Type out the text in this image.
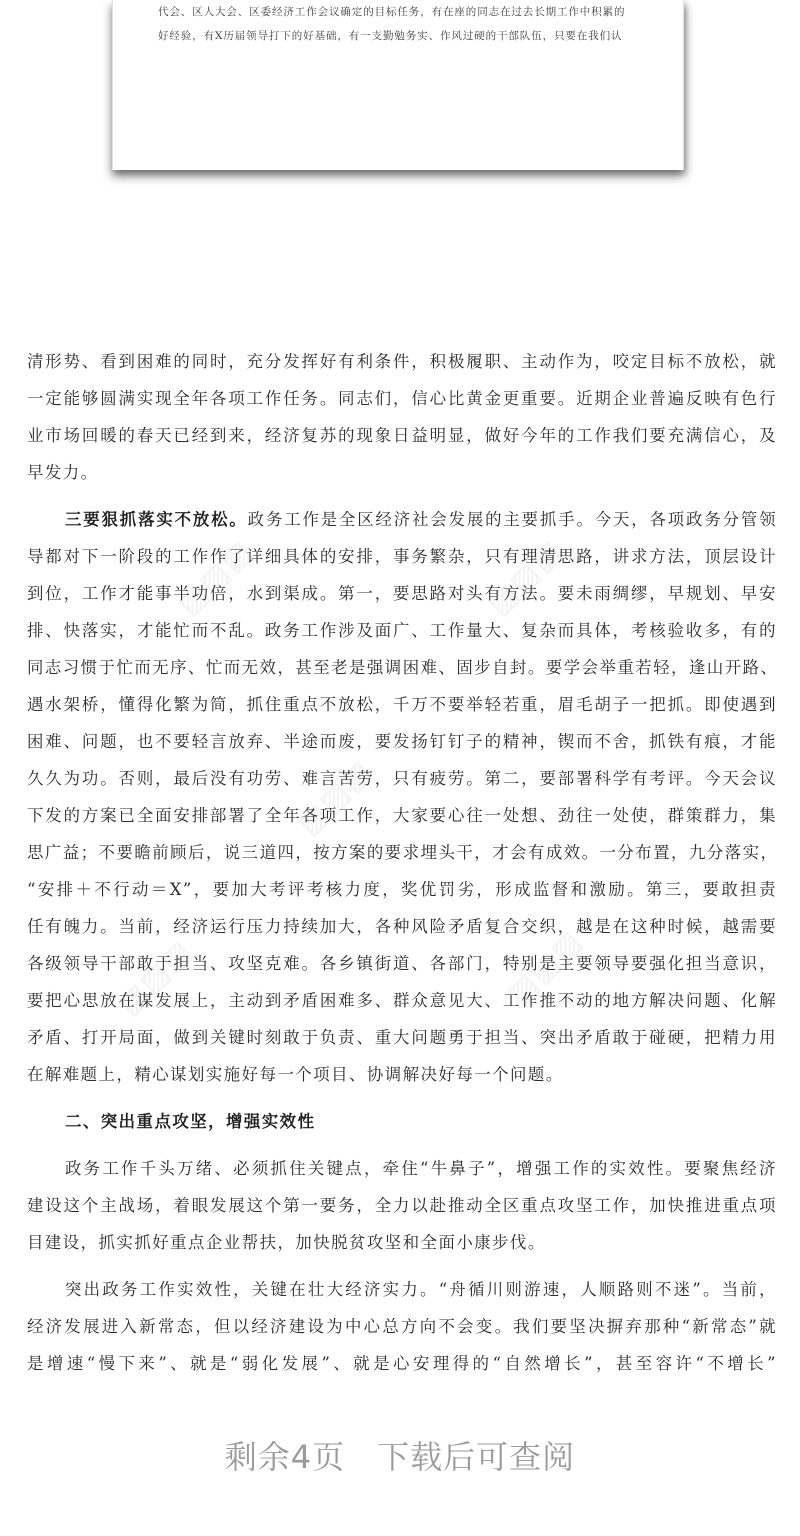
代会、区人大会、区委经济工作会议确定的目标任务，有在座的同志在过去长期工作中积累的
好经验，有X历届领导打下的好基础，有一支勤勉务实、作风过硬的干部队伍，只要在我们认
▨▨▨	▨▨▨
▨▨▨
▨▨▨	▨▨▨

清形势、看到困难的同时，充分发挥好有利条件，积极履职、主动作为，咬定目标不放松，就
一定能够圆满实现全年各项工作任务。同志们，信心比黄金更重要。近期企业普遍反映有色行
业市场回暖的春天已经到来，经济复苏的现象日益明显，做好今年的工作我们要充满信心，及
早发力。

三要狠抓落实不放松。政务工作是全区经济社会发展的主要抓手。今天，各项政务分管领
导都对下一阶段的工作作了详细具体的安排，事务繁杂，只有理清思路，讲求方法，顶层设计
到位，工作才能事半功倍，水到渠成。第一，要思路对头有方法。要未雨绸缪，早规划、早安
排、快落实，才能忙而不乱。政务工作涉及面广、工作量大、复杂而具体，考核验收多，有的
同志习惯于忙而无序、忙而无效，甚至老是强调困难、固步自封。要学会举重若轻，逢山开路、
遇水架桥，懂得化繁为简，抓住重点不放松，千万不要举轻若重，眉毛胡子一把抓。即使遇到
困难、问题，也不要轻言放弃、半途而废，要发扬钉钉子的精神，锲而不舍，抓铁有痕，才能
久久为功。否则，最后没有功劳、难言苦劳，只有疲劳。第二，要部署科学有考评。今天会议
下发的方案已全面安排部署了全年各项工作，大家要心往一处想、劲往一处使，群策群力，集
思广益；不要瞻前顾后，说三道四，按方案的要求埋头干，才会有成效。一分布置，九分落实，
“安排＋不行动＝X”，要加大考评考核力度，奖优罚劣，形成监督和激励。第三，要敢担责
任有魄力。当前，经济运行压力持续加大，各种风险矛盾复合交织，越是在这种时候，越需要
各级领导干部敢于担当、攻坚克难。各乡镇街道、各部门，特别是主要领导要强化担当意识，
要把心思放在谋发展上，主动到矛盾困难多、群众意见大、工作推不动的地方解决问题、化解
矛盾、打开局面，做到关键时刻敢于负责、重大问题勇于担当、突出矛盾敢于碰硬，把精力用
在解难题上，精心谋划实施好每一个项目、协调解决好每一个问题。

二、突出重点攻坚，增强实效性

政务工作千头万绪、必须抓住关键点，牵住“牛鼻子”，增强工作的实效性。要聚焦经济
建设这个主战场，着眼发展这个第一要务，全力以赴推动全区重点攻坚工作，加快推进重点项
目建设，抓实抓好重点企业帮扶，加快脱贫攻坚和全面小康步伐。

突出政务工作实效性，关键在壮大经济实力。“舟循川则游速，人顺路则不迷”。当前，
经济发展进入新常态，但以经济建设为中心总方向不会变。我们要坚决摒弃那种“新常态”就
是增速“慢下来”、就是“弱化发展”、就是心安理得的“自然增长”，甚至容许“不增长”

剩余4页 下载后可查阅
